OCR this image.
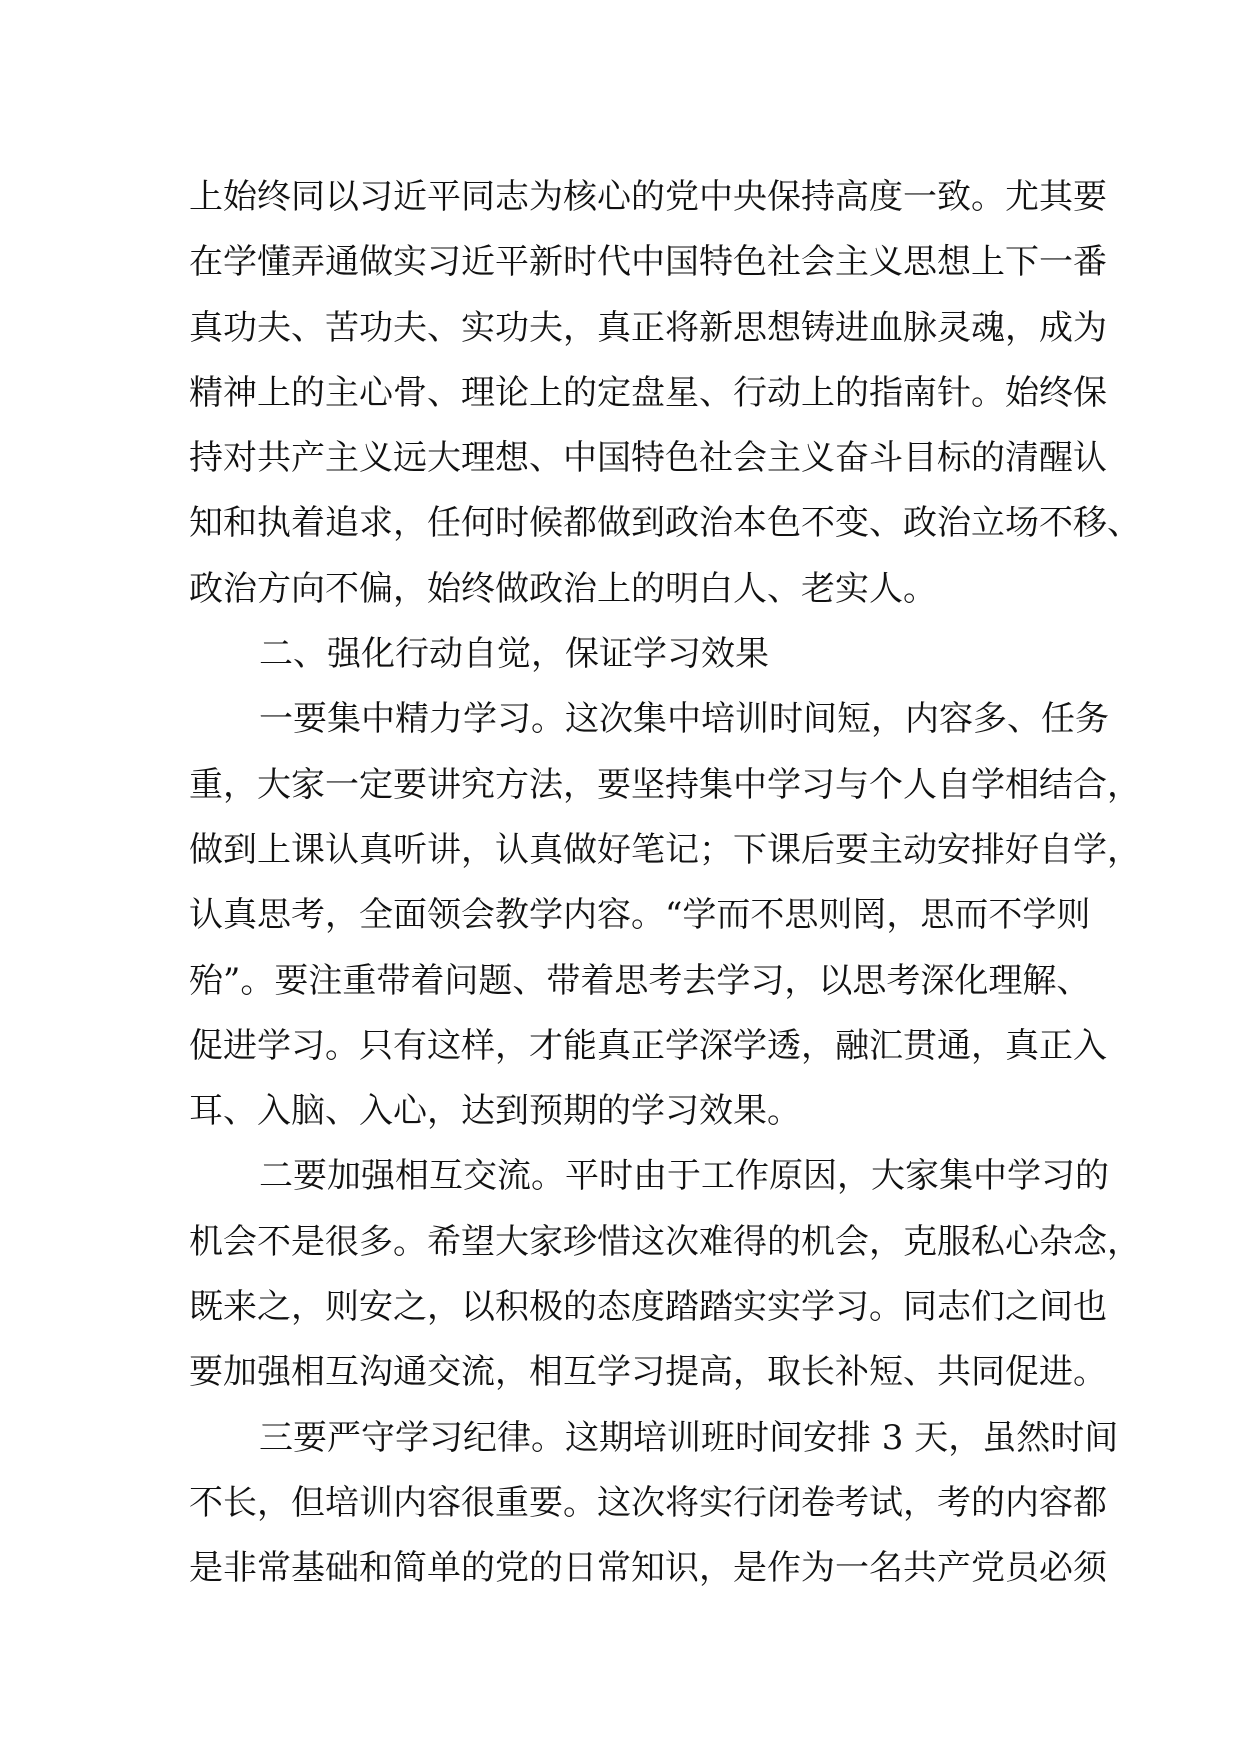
上始终同以习近平同志为核心的党中央保持高度一致。尤其要
在学懂弄通做实习近平新时代中国特色社会主义思想上下一番
真功夫、苦功夫、实功夫，真正将新思想铸进血脉灵魂，成为
精神上的主心骨、理论上的定盘星、行动上的指南针。始终保
持对共产主义远大理想、中国特色社会主义奋斗目标的清醒认
知和执着追求，任何时候都做到政治本色不变、政治立场不移、
政治方向不偏，始终做政治上的明白人、老实人。
二、强化行动自觉，保证学习效果
一要集中精力学习。这次集中培训时间短，内容多、任务
重，大家一定要讲究方法，要坚持集中学习与个人自学相结合，
做到上课认真听讲，认真做好笔记；下课后要主动安排好自学，
认真思考，全面领会教学内容。“学而不思则罔，思而不学则
殆”。要注重带着问题、带着思考去学习，以思考深化理解、
促进学习。只有这样，才能真正学深学透，融汇贯通，真正入
耳、入脑、入心，达到预期的学习效果。
二要加强相互交流。平时由于工作原因，大家集中学习的
机会不是很多。希望大家珍惜这次难得的机会，克服私心杂念，
既来之，则安之，以积极的态度踏踏实实学习。同志们之间也
要加强相互沟通交流，相互学习提高，取长补短、共同促进。
三要严守学习纪律。这期培训班时间安排 3 天，虽然时间
不长，但培训内容很重要。这次将实行闭卷考试，考的内容都
是非常基础和简单的党的日常知识，是作为一名共产党员必须
